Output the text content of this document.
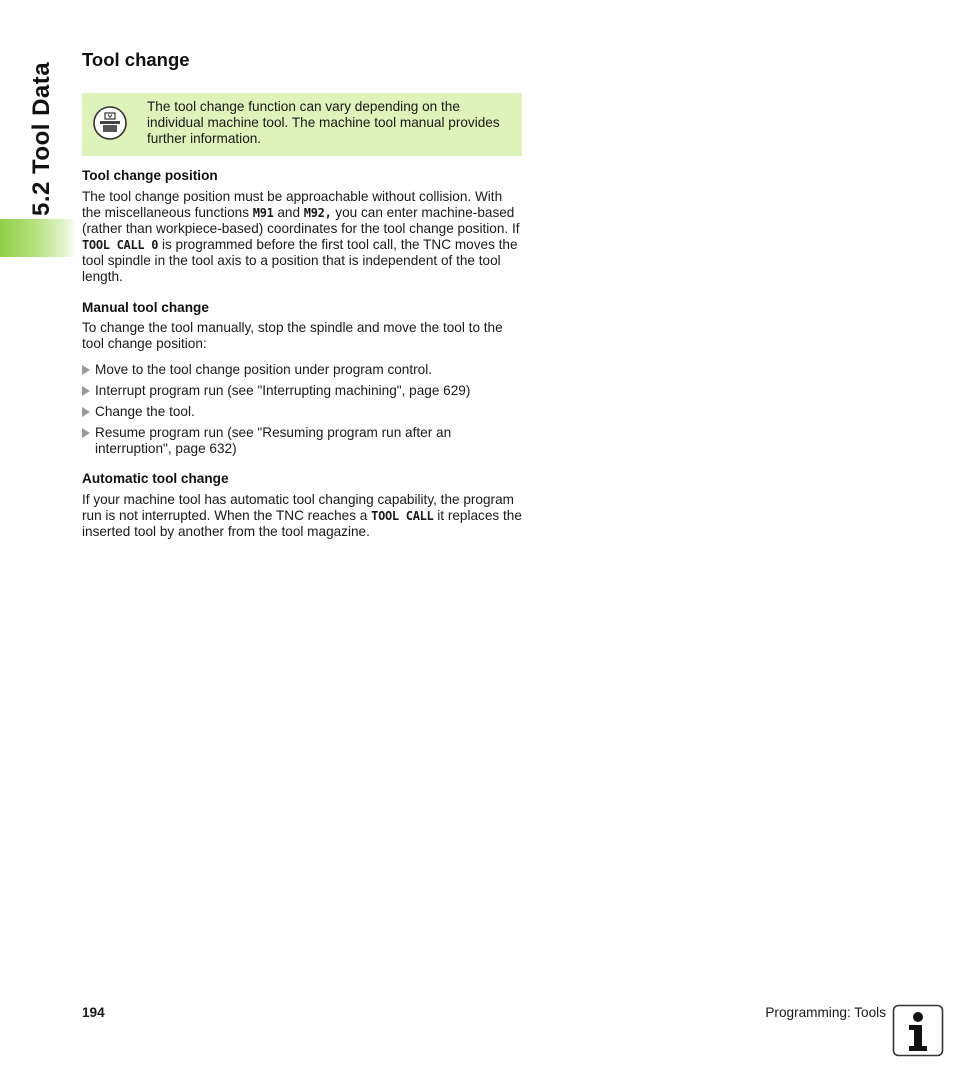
5.2 Tool Data
Tool change
The tool change function can vary depending on the individual machine tool. The machine tool manual provides further information.
Tool change position

The tool change position must be approachable without collision. With the miscellaneous functions M91 and M92, you can enter machine-based (rather than workpiece-based) coordinates for the tool change position. If TOOL CALL 0 is programmed before the first tool call, the TNC moves the tool spindle in the tool axis to a position that is independent of the tool length.

Manual tool change

To change the tool manually, stop the spindle and move the tool to the tool change position:

Move to the tool change position under program control.
Interrupt program run (see "Interrupting machining", page 629)
Change the tool.
Resume program run (see "Resuming program run after an interruption", page 632)
Automatic tool change

If your machine tool has automatic tool changing capability, the program run is not interrupted. When the TNC reaches a TOOL CALL it replaces the inserted tool by another from the tool magazine.

194	Programming: Tools
